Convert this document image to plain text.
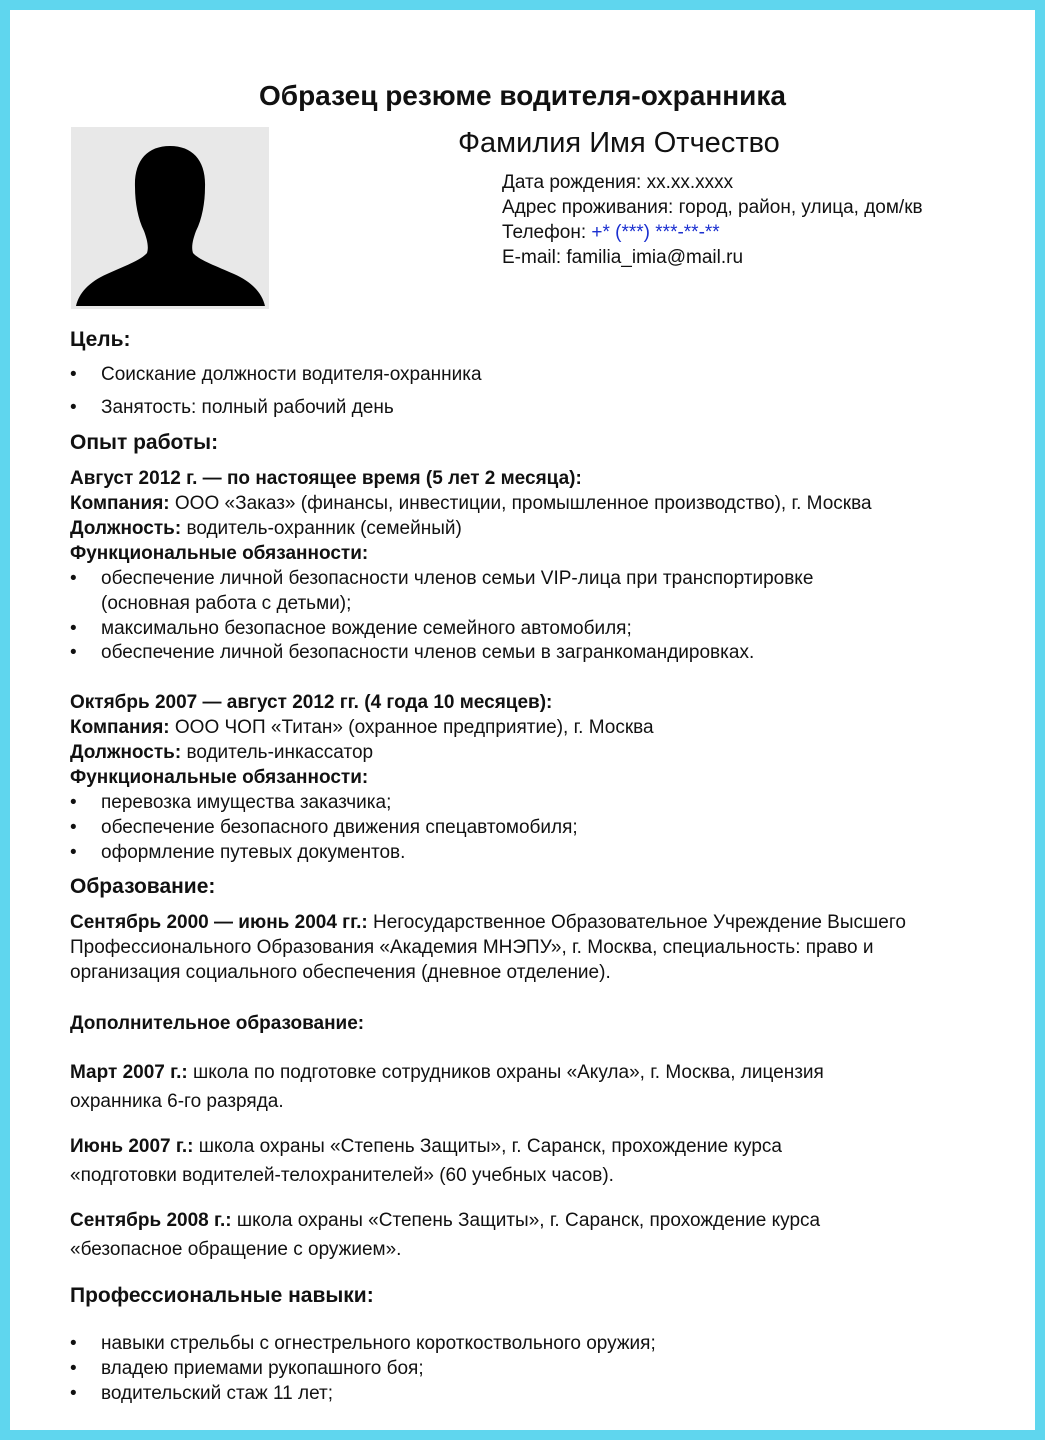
Образец резюме водителя-охранника
Фамилия Имя Отчество
Дата рождения: хх.хх.хххх
Адрес проживания: город, район, улица, дом/кв
Телефон: +* (***) ***-**-**
E-mail: familia_imia@mail.ru
Цель:
•	Соискание должности водителя-охранника
•	Занятость: полный рабочий день
Опыт работы:
Август 2012 г. — по настоящее время (5 лет 2 месяца):
Компания: ООО «Заказ» (финансы, инвестиции, промышленное производство), г. Москва
Должность: водитель-охранник (семейный)
Функциональные обязанности:
•	обеспечение личной безопасности членов семьи VIP-лица при транспортировке
(основная работа с детьми);
•	максимально безопасное вождение семейного автомобиля;
•	обеспечение личной безопасности членов семьи в загранкомандировках.
Октябрь 2007 — август 2012 гг. (4 года 10 месяцев):
Компания: ООО ЧОП «Титан» (охранное предприятие), г. Москва
Должность: водитель-инкассатор
Функциональные обязанности:
•	перевозка имущества заказчика;
•	обеспечение безопасного движения спецавтомобиля;
•	оформление путевых документов.
Образование:
Сентябрь 2000 — июнь 2004 гг.: Негосударственное Образовательное Учреждение Высшего
Профессионального Образования «Академия МНЭПУ», г. Москва, специальность: право и
организация социального обеспечения (дневное отделение).
Дополнительное образование:
Март 2007 г.: школа по подготовке сотрудников охраны «Акула», г. Москва, лицензия
охранника 6-го разряда.
Июнь 2007 г.: школа охраны «Степень Защиты», г. Саранск, прохождение курса
«подготовки водителей-телохранителей» (60 учебных часов).
Сентябрь 2008 г.: школа охраны «Степень Защиты», г. Саранск, прохождение курса
«безопасное обращение с оружием».
Профессиональные навыки:
•	навыки стрельбы с огнестрельного короткоствольного оружия;
•	владею приемами рукопашного боя;
•	водительский стаж 11 лет;
